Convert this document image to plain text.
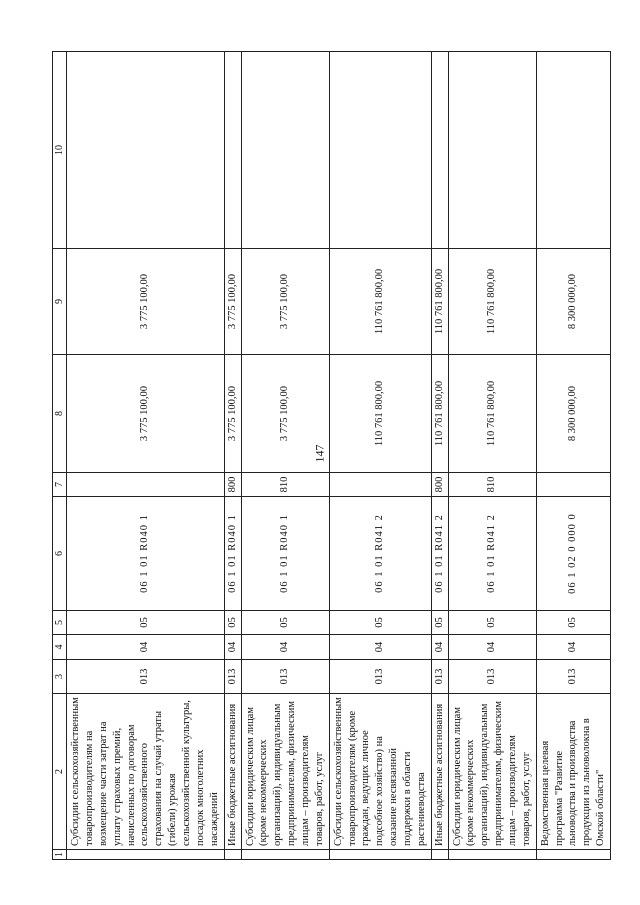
147
1	2	3	4	5	6	7	8	9	10
	Субсидии сельскохозяйственным товаропроизводителям на возмещение части затрат на уплату страховых премий, начисленных по договорам сельскохозяйственного страхования на случай утраты (гибели) урожая сельскохозяйственной культуры, посадок многолетних насаждений	013	04	05	06 1 01 R040 1		3 775 100,00	3 775 100,00	
	Иные бюджетные ассигнования	013	04	05	06 1 01 R040 1	800	3 775 100,00	3 775 100,00	
	Субсидии юридическим лицам (кроме некоммерческих организаций), индивидуальным предпринимателям, физическим лицам – производителям товаров, работ, услуг	013	04	05	06 1 01 R040 1	810	3 775 100,00	3 775 100,00	
	Субсидии сельскохозяйственным товаропроизводителям (кроме граждан, ведущих личное подсобное хозяйство) на оказание несвязанной поддержки в области растениеводства	013	04	05	06 1 01 R041 2		110 761 800,00	110 761 800,00	
	Иные бюджетные ассигнования	013	04	05	06 1 01 R041 2	800	110 761 800,00	110 761 800,00	
	Субсидии юридическим лицам (кроме некоммерческих организаций), индивидуальным предпринимателям, физическим лицам – производителям товаров, работ, услуг	013	04	05	06 1 01 R041 2	810	110 761 800,00	110 761 800,00	
	Ведомственная целевая программа "Развитие льноводства и производства продукции из льноволокна в Омской области"	013	04	05	06 1 02 0 000 0		8 300 000,00	8 300 000,00	
